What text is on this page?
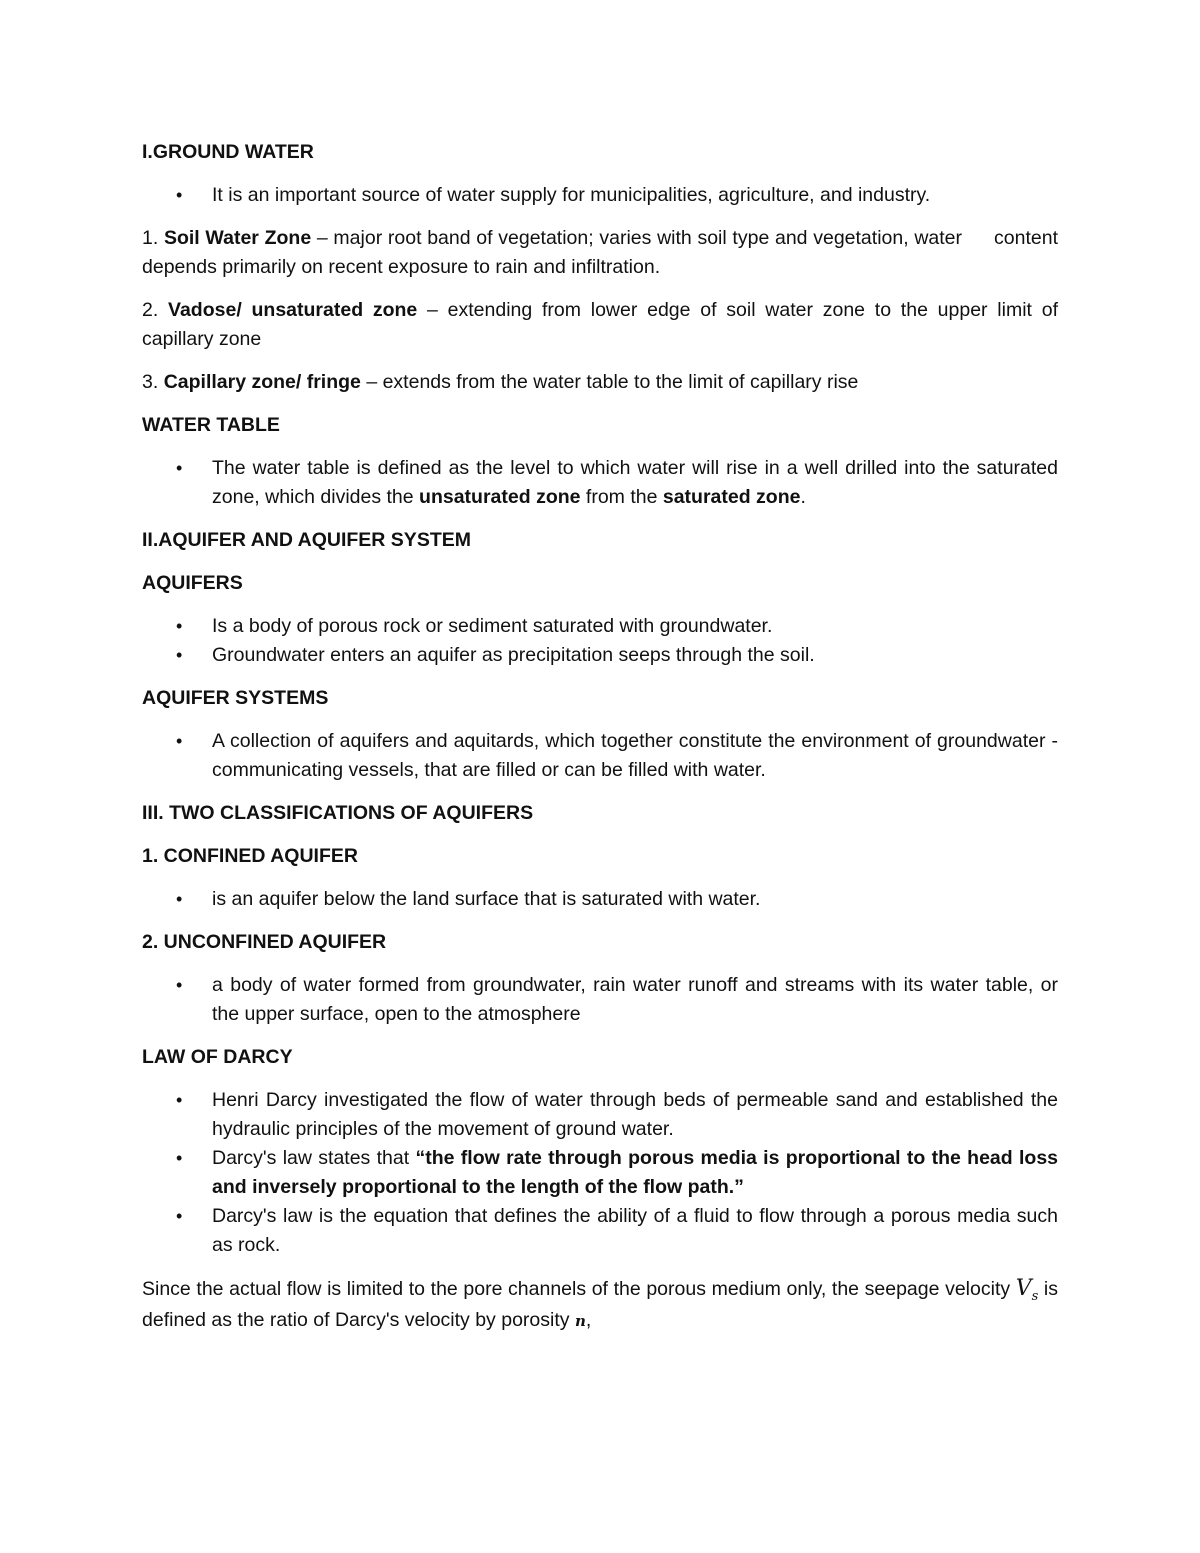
I.GROUND WATER
• It is an important source of water supply for municipalities, agriculture, and industry.
1. Soil Water Zone – major root band of vegetation; varies with soil type and vegetation, water content depends primarily on recent exposure to rain and infiltration.
2. Vadose/ unsaturated zone – extending from lower edge of soil water zone to the upper limit of capillary zone
3. Capillary zone/ fringe – extends from the water table to the limit of capillary rise
WATER TABLE
• The water table is defined as the level to which water will rise in a well drilled into the saturated zone, which divides the unsaturated zone from the saturated zone.
II.AQUIFER AND AQUIFER SYSTEM
AQUIFERS
• Is a body of porous rock or sediment saturated with groundwater.
• Groundwater enters an aquifer as precipitation seeps through the soil.
AQUIFER SYSTEMS
• A collection of aquifers and aquitards, which together constitute the environment of groundwater - communicating vessels, that are filled or can be filled with water.
III. TWO CLASSIFICATIONS OF AQUIFERS
1. CONFINED AQUIFER
• is an aquifer below the land surface that is saturated with water.
2. UNCONFINED AQUIFER
• a body of water formed from groundwater, rain water runoff and streams with its water table, or the upper surface, open to the atmosphere
LAW OF DARCY
• Henri Darcy investigated the flow of water through beds of permeable sand and established the hydraulic principles of the movement of ground water.
• Darcy's law states that “the flow rate through porous media is proportional to the head loss and inversely proportional to the length of the flow path.”
• Darcy's law is the equation that defines the ability of a fluid to flow through a porous media such as rock.
Since the actual flow is limited to the pore channels of the porous medium only, the seepage velocity $V_s$ is defined as the ratio of Darcy's velocity by porosity n,
